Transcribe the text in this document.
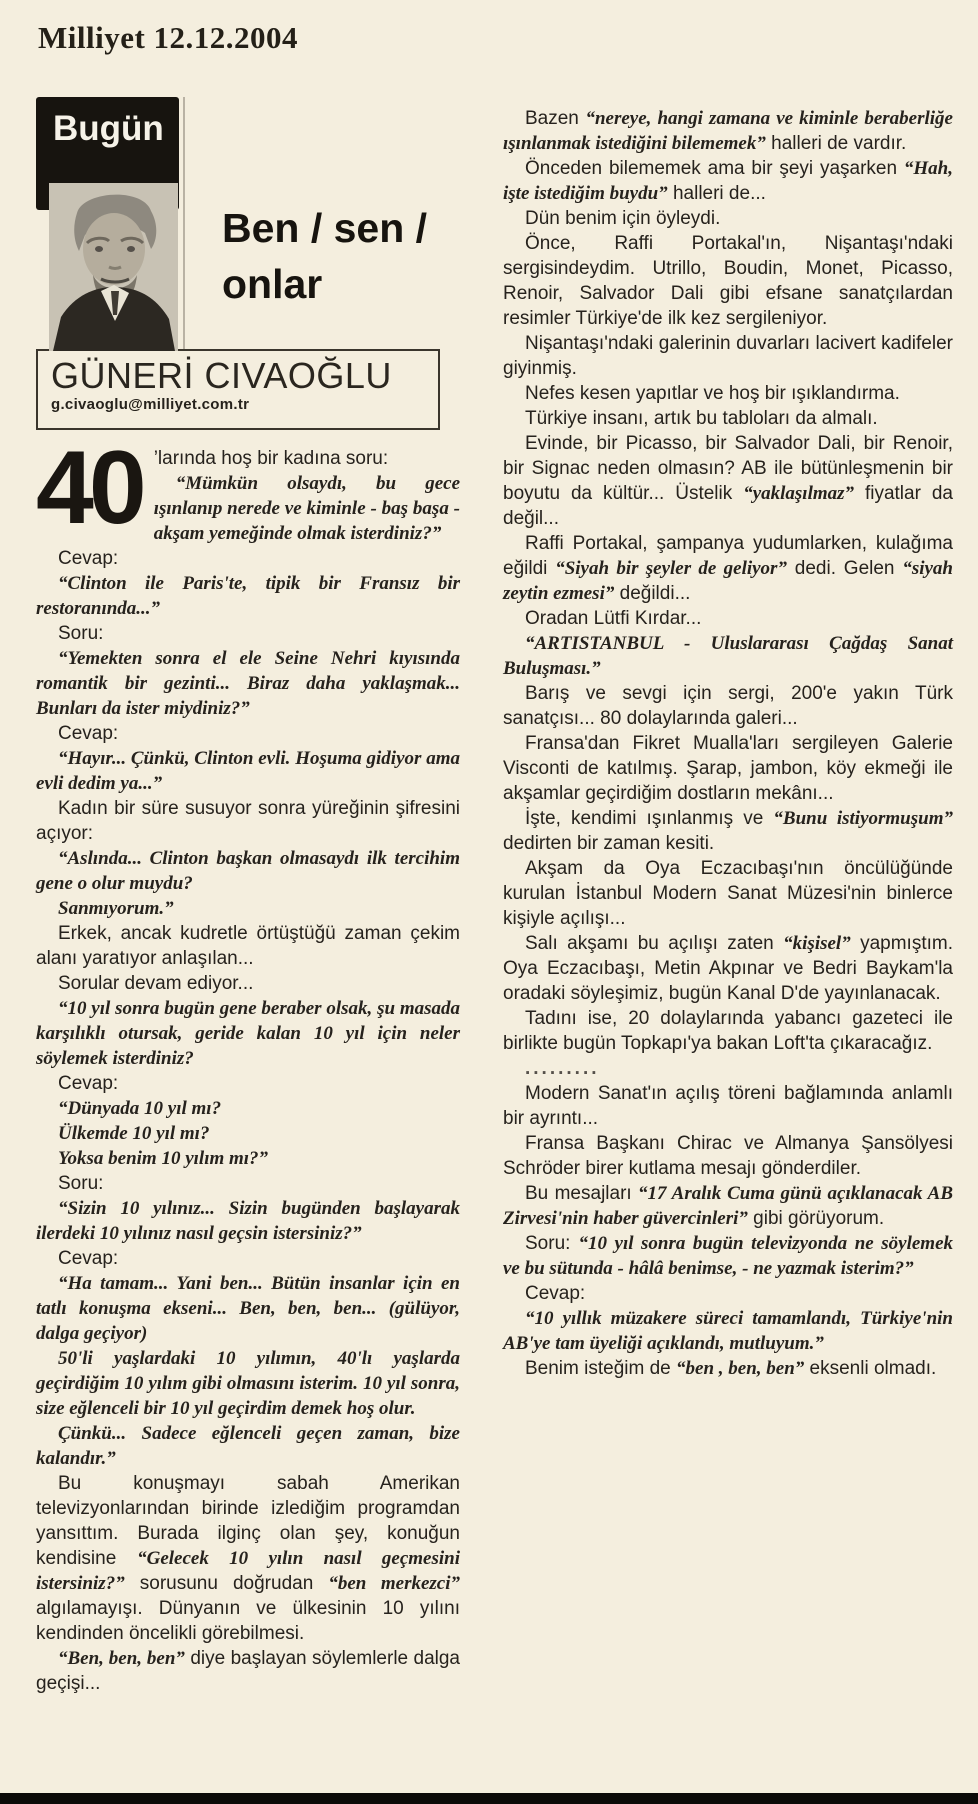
Milliyet 12.12.2004
Bugün
Ben / sen /
onlar
GÜNERİ CIVAOĞLU
g.civaoglu@milliyet.com.tr
40 ’larında hoş bir kadına soru:

“Mümkün olsaydı, bu gece ışınlanıp nerede ve kiminle - baş başa - akşam yemeğinde olmak isterdiniz?”

Cevap:

“Clinton ile Paris'te, tipik bir Fransız bir restoranında...”

Soru:

“Yemekten sonra el ele Seine Nehri kıyısında romantik bir gezinti... Biraz daha yaklaşmak... Bunları da ister miydiniz?”

Cevap:

“Hayır... Çünkü, Clinton evli. Hoşuma gidiyor ama evli dedim ya...”

Kadın bir süre susuyor sonra yüreğinin şifresini açıyor:

“Aslında... Clinton başkan olmasaydı ilk tercihim gene o olur muydu?

Sanmıyorum.”

Erkek, ancak kudretle örtüştüğü zaman çekim alanı yaratıyor anlaşılan...

Sorular devam ediyor...

“10 yıl sonra bugün gene beraber olsak, şu masada karşılıklı otursak, geride kalan 10 yıl için neler söylemek isterdiniz?

Cevap:

“Dünyada 10 yıl mı?

Ülkemde 10 yıl mı?

Yoksa benim 10 yılım mı?”

Soru:

“Sizin 10 yılınız... Sizin bugünden başlayarak ilerdeki 10 yılınız nasıl geçsin istersiniz?”

Cevap:

“Ha tamam... Yani ben... Bütün insanlar için en tatlı konuşma ekseni... Ben, ben, ben... (gülüyor, dalga geçiyor)

50'li yaşlardaki 10 yılımın, 40'lı yaşlarda geçirdiğim 10 yılım gibi olmasını isterim. 10 yıl sonra, size eğlenceli bir 10 yıl geçirdim demek hoş olur.

Çünkü... Sadece eğlenceli geçen zaman, bize kalandır.”

Bu konuşmayı sabah Amerikan televizyonlarından birinde izlediğim programdan yansıttım. Burada ilginç olan şey, konuğun kendisine “Gelecek 10 yılın nasıl geçmesini istersiniz?” sorusunu doğrudan “ben merkezci” algılamayışı. Dünyanın ve ülkesinin 10 yılını kendinden öncelikli görebilmesi.

“Ben, ben, ben” diye başlayan söylemlerle dalga geçişi...

Bazen “nereye, hangi zamana ve kiminle beraberliğe ışınlanmak istediğini bilememek” halleri de vardır.

Önceden bilememek ama bir şeyi yaşarken “Hah, işte istediğim buydu” halleri de...

Dün benim için öyleydi.

Önce, Raffi Portakal'ın, Nişantaşı'ndaki sergisindeydim. Utrillo, Boudin, Monet, Picasso, Renoir, Salvador Dali gibi efsane sanatçılardan resimler Türkiye'de ilk kez sergileniyor.

Nişantaşı'ndaki galerinin duvarları lacivert kadifeler giyinmiş.

Nefes kesen yapıtlar ve hoş bir ışıklandırma.

Türkiye insanı, artık bu tabloları da almalı.

Evinde, bir Picasso, bir Salvador Dali, bir Renoir, bir Signac neden olmasın? AB ile bütünleşmenin bir boyutu da kültür... Üstelik “yaklaşılmaz” fiyatlar da değil...

Raffi Portakal, şampanya yudumlarken, kulağıma eğildi “Siyah bir şeyler de geliyor” dedi. Gelen “siyah zeytin ezmesi” değildi...

Oradan Lütfi Kırdar...

“ARTISTANBUL - Uluslararası Çağdaş Sanat Buluşması.”

Barış ve sevgi için sergi, 200'e yakın Türk sanatçısı... 80 dolaylarında galeri...

Fransa'dan Fikret Mualla'ları sergileyen Galerie Visconti de katılmış. Şarap, jambon, köy ekmeği ile akşamlar geçirdiğim dostların mekânı...

İşte, kendimi ışınlanmış ve “Bunu istiyormuşum” dedirten bir zaman kesiti.

Akşam da Oya Eczacıbaşı'nın öncülüğünde kurulan İstanbul Modern Sanat Müzesi'nin binlerce kişiyle açılışı...

Salı akşamı bu açılışı zaten “kişisel” yapmıştım. Oya Eczacıbaşı, Metin Akpınar ve Bedri Baykam'la oradaki söyleşimiz, bugün Kanal D'de yayınlanacak.

Tadını ise, 20 dolaylarında yabancı gazeteci ile birlikte bugün Topkapı'ya bakan Loft'ta çıkaracağız.

.........

Modern Sanat'ın açılış töreni bağlamında anlamlı bir ayrıntı...

Fransa Başkanı Chirac ve Almanya Şansölyesi Schröder birer kutlama mesajı gönderdiler.

Bu mesajları “17 Aralık Cuma günü açıklanacak AB Zirvesi'nin haber güvercinleri” gibi görüyorum.

Soru: “10 yıl sonra bugün televizyonda ne söylemek ve bu sütunda - hâlâ benimse, - ne yazmak isterim?”

Cevap:

“10 yıllık müzakere süreci tamamlandı, Türkiye'nin AB'ye tam üyeliği açıklandı, mutluyum.”

Benim isteğim de “ben , ben, ben” eksenli olmadı.
